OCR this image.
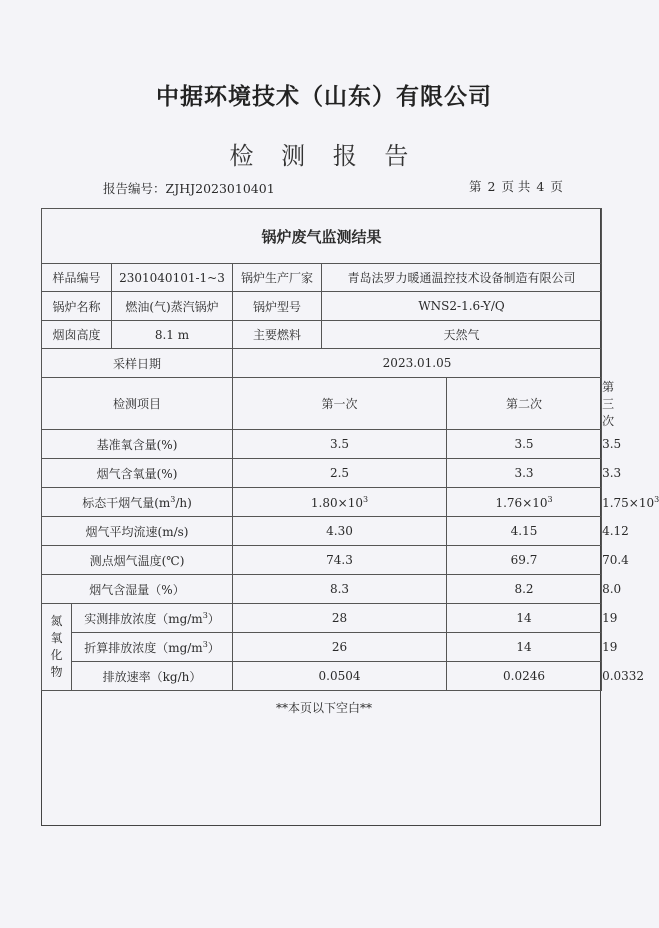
中据环境技术（山东）有限公司
检 测 报 告
报告编号：ZJHJ2023010401	第 2 页 共 4 页
锅炉废气监测结果						
样品编号		2301040101-1~3	锅炉生产厂家	青岛法罗力暖通温控技术设备制造有限公司		
锅炉名称		燃油(气)蒸汽锅炉	锅炉型号	WNS2-1.6-Y/Q		
烟囱高度		8.1 m	主要燃料	天然气		
采样日期			2023.01.05			
检测项目			第一次		第二次	第三次
基准氧含量(%)			3.5		3.5	3.5
烟气含氧量(%)			2.5		3.3	3.3
标态干烟气量$(m^3/h)$			$1.80\times 10^3$		$1.76\times 10^3$	$1.75\times 10^3$
烟气平均流速(m/s)			4.30		4.15	4.12
测点烟气温度(℃)			74.3		69.7	70.4
烟气含湿量（%）			8.3		8.2	8.0

氮
氧
化
物	实测排放浓度$(mg/m^3)$		28		14	19
	折算排放浓度$(mg/m^3)$		26		14	19
	排放速率（kg/h）		0.0504		0.0246	0.0332
**本页以下空白**
